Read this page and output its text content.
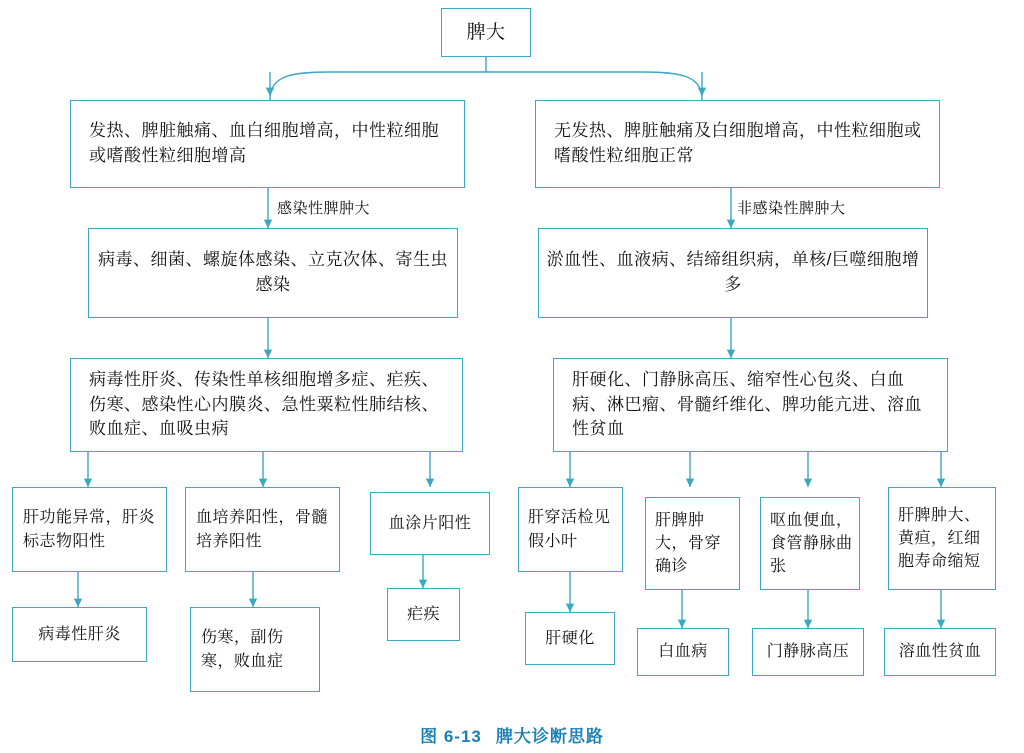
脾大
发热、脾脏触痛、血白细胞增高，中性粒细胞或嗜酸性粒细胞增高
无发热、脾脏触痛及白细胞增高，中性粒细胞或嗜酸性粒细胞正常
感染性脾肿大	非感染性脾肿大
病毒、细菌、螺旋体感染、立克次体、寄生虫感染
淤血性、血液病、结缔组织病，单核/巨噬细胞增多
病毒性肝炎、传染性单核细胞增多症、疟疾、伤寒、感染性心内膜炎、急性粟粒性肺结核、败血症、血吸虫病
肝硬化、门静脉高压、缩窄性心包炎、白血病、淋巴瘤、骨髓纤维化、脾功能亢进、溶血性贫血
肝功能异常，肝炎标志物阳性
血培养阳性，骨髓培养阳性
血涂片阳性	肝穿活检见假小叶
肝脾肿大，骨穿确诊
呕血便血，食管静脉曲张
肝脾肿大、黄疸，红细胞寿命缩短
病毒性肝炎	伤寒，副伤寒，败血症
疟疾
肝硬化
白血病	门静脉高压	溶血性贫血
图 6-13 脾大诊断思路
